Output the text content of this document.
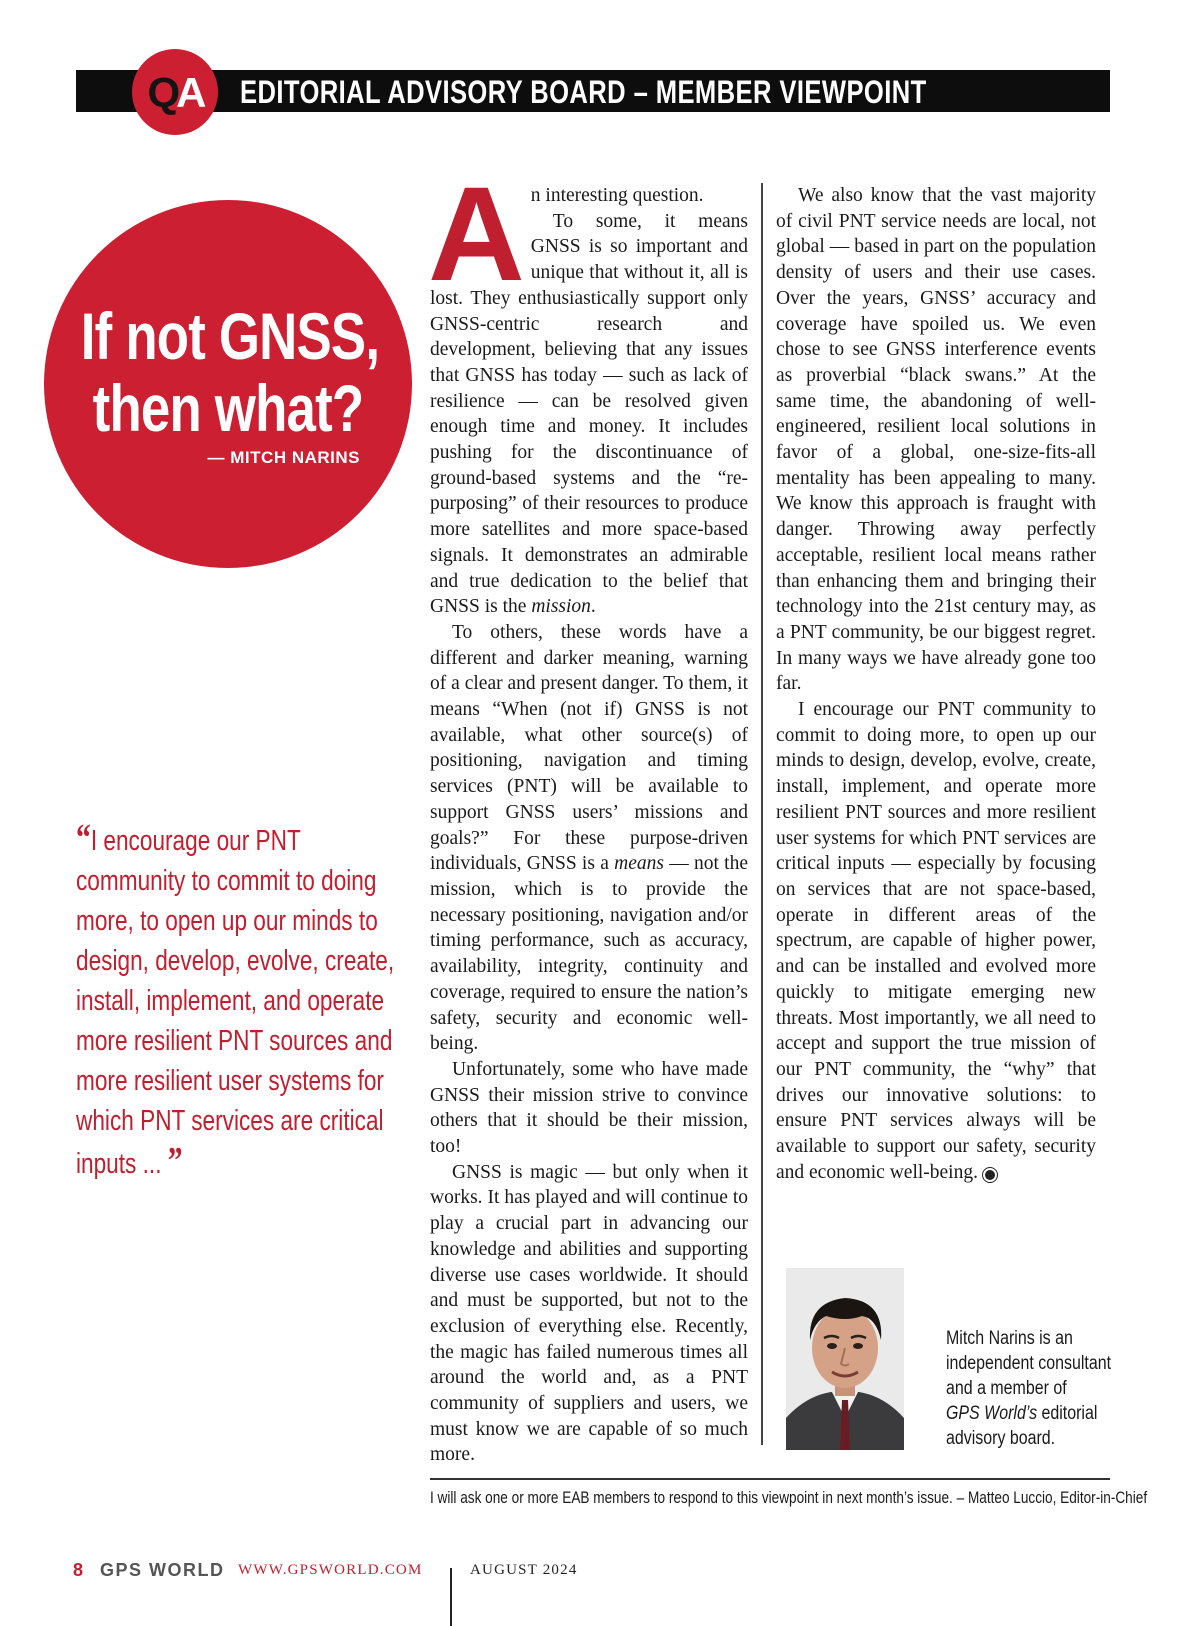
EDITORIAL ADVISORY BOARD – MEMBER VIEWPOINT
QA
If not GNSS,
then what?
— MITCH NARINS
“I encourage our PNT
community to commit to doing
more, to open up our minds to
design, develop, evolve, create,
install, implement, and operate
more resilient PNT sources and
more resilient user systems for
which PNT services are critical
inputs ... ”

An interesting question.

To some, it means GNSS is so important and unique that without it, all is lost. They enthusiastically support only GNSS-centric research and development, believing that any issues that GNSS has today — such as lack of resilience — can be resolved given enough time and money. It includes pushing for the discontinuance of ground-based systems and the “re-purposing” of their resources to produce more satellites and more space-based signals. It demonstrates an admirable and true dedication to the belief that GNSS is the mission.

To others, these words have a different and darker meaning, warning of a clear and present danger. To them, it means “When (not if) GNSS is not available, what other source(s) of positioning, navigation and timing services (PNT) will be available to support GNSS users’ missions and goals?” For these purpose-driven individuals, GNSS is a means — not the mission, which is to provide the necessary positioning, navigation and/or timing performance, such as accuracy, availability, integrity, continuity and coverage, required to ensure the nation’s safety, security and economic well-being.

Unfortunately, some who have made GNSS their mission strive to convince others that it should be their mission, too!

GNSS is magic — but only when it works. It has played and will continue to play a crucial part in advancing our knowledge and abilities and supporting diverse use cases worldwide. It should and must be supported, but not to the exclusion of everything else. Recently, the magic has failed numerous times all around the world and, as a PNT community of suppliers and users, we must know we are capable of so much more.

We also know that the vast majority of civil PNT service needs are local, not global — based in part on the population density of users and their use cases. Over the years, GNSS’ accuracy and coverage have spoiled us. We even chose to see GNSS interference events as proverbial “black swans.” At the same time, the abandoning of well-engineered, resilient local solutions in favor of a global, one-size-fits-all mentality has been appealing to many. We know this approach is fraught with danger. Throwing away perfectly acceptable, resilient local means rather than enhancing them and bringing their technology into the 21st century may, as a PNT community, be our biggest regret. In many ways we have already gone too far.

I encourage our PNT community to commit to doing more, to open up our minds to design, develop, evolve, create, install, implement, and operate more resilient PNT sources and more resilient user systems for which PNT services are critical inputs — especially by focusing on services that are not space-based, operate in different areas of the spectrum, are capable of higher power, and can be installed and evolved more quickly to mitigate emerging new threats. Most importantly, we all need to accept and support the true mission of our PNT community, the “why” that drives our innovative solutions: to ensure PNT services always will be available to support our safety, security and economic well-being.

Mitch Narins is an
independent consultant
and a member of
GPS World’s editorial
advisory board.
I will ask one or more EAB members to respond to this viewpoint in next month’s issue. – Matteo Luccio, Editor-in-Chief
8 GPS WORLD WWW.GPSWORLD.COM	AUGUST 2024
